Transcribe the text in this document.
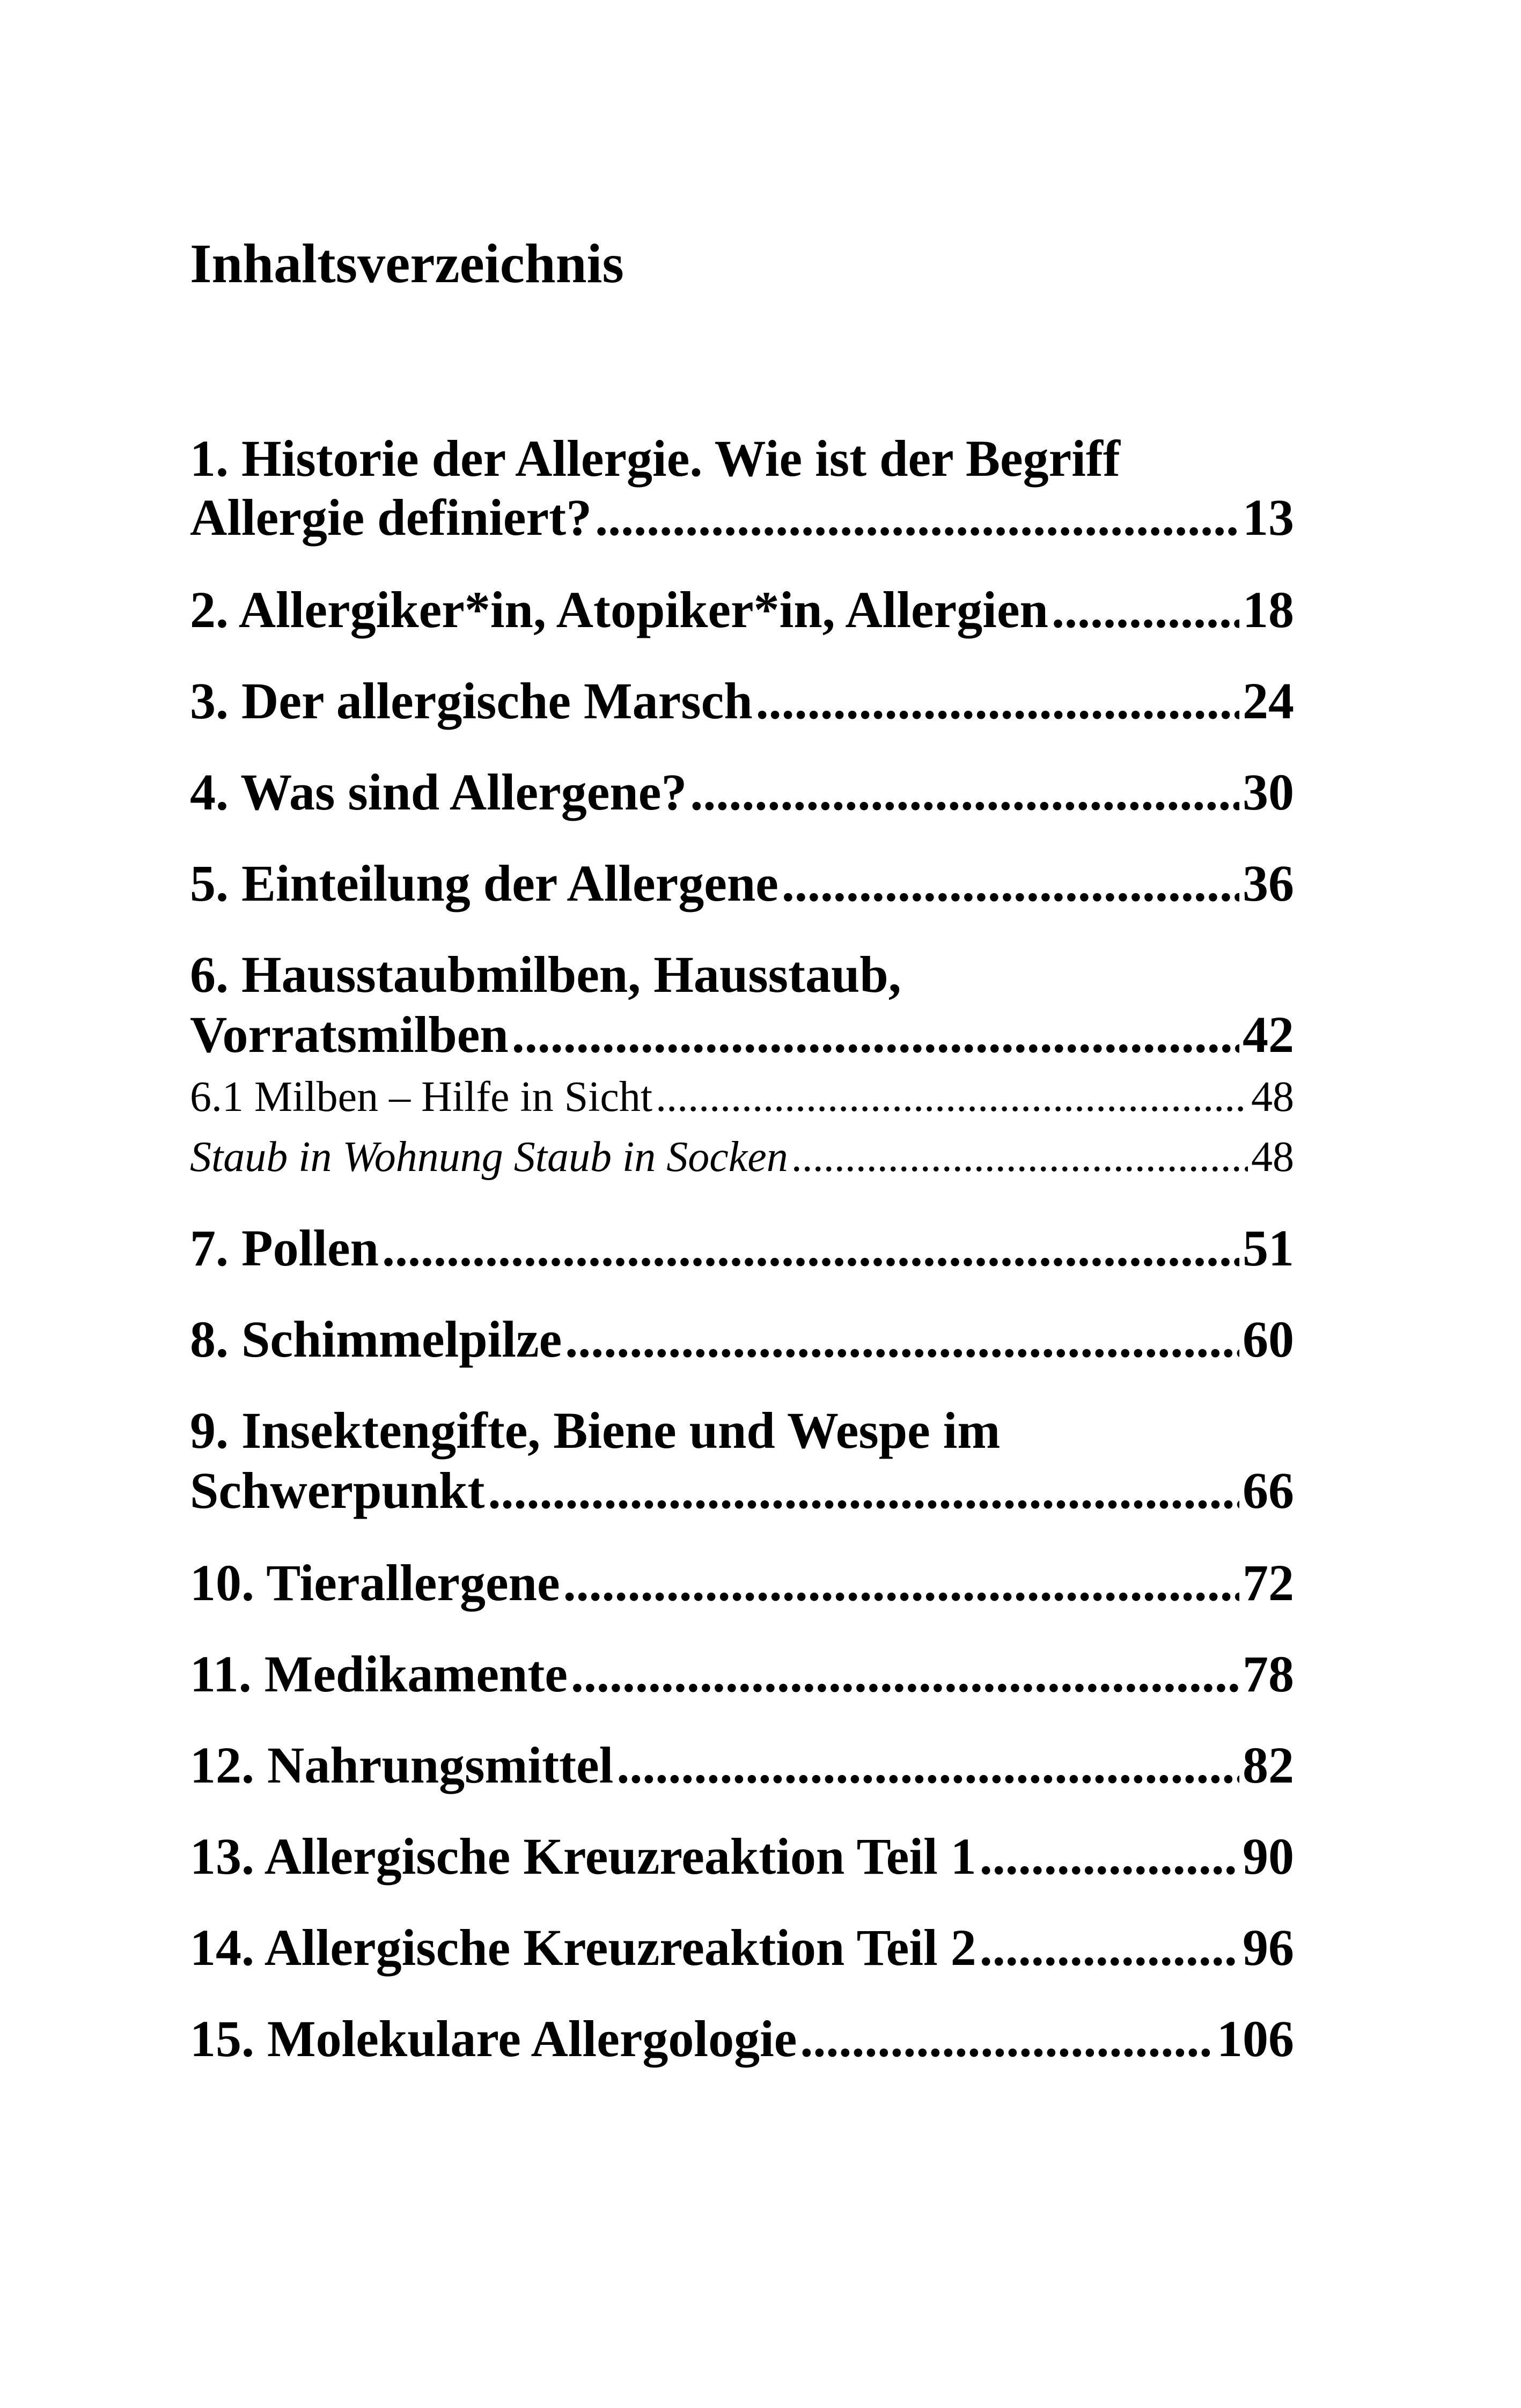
Inhaltsverzeichnis
1. Historie der Allergie. Wie ist der Begriff
Allergie definiert? .....	13
2. Allergiker*in, Atopiker*in, Allergien .....	18
3. Der allergische Marsch .....	24
4. Was sind Allergene? .....	30
5. Einteilung der Allergene .....	36
6. Hausstaubmilben, Hausstaub,
Vorratsmilben .....	42
6.1 Milben – Hilfe in Sicht .....	48
Staub in Wohnung Staub in Socken .....	48
7. Pollen .....	51
8. Schimmelpilze .....	60
9. Insektengifte, Biene und Wespe im
Schwerpunkt .....	66
10. Tierallergene .....	72
11. Medikamente .....	78
12. Nahrungsmittel .....	82
13. Allergische Kreuzreaktion Teil 1 .....	90
14. Allergische Kreuzreaktion Teil 2 .....	96
15. Molekulare Allergologie .....	106
